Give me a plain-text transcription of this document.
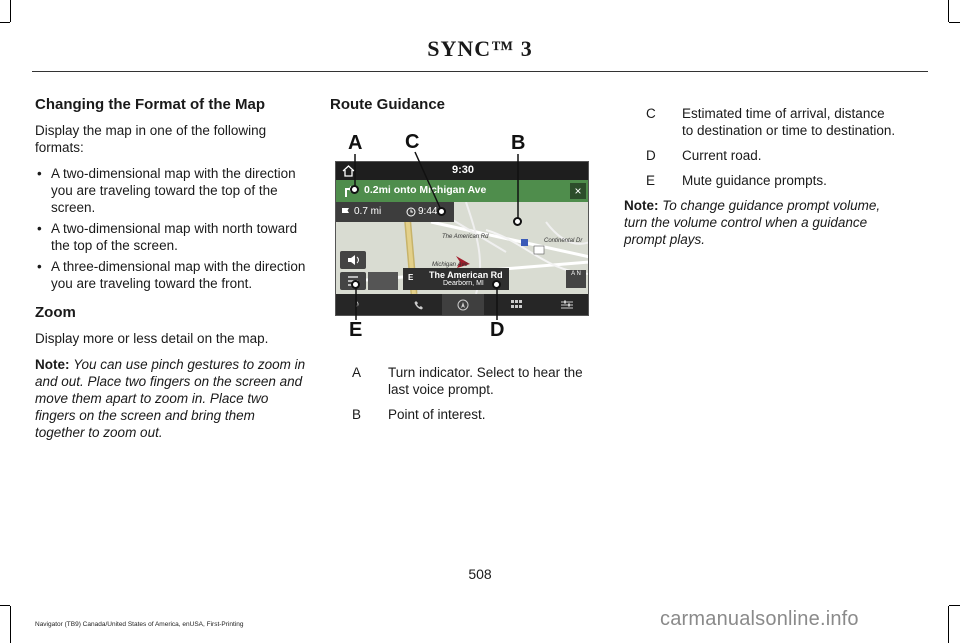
SYNC™ 3
Changing the Format of the Map

Display the map in one of the following formats:

• A two-dimensional map with the direction you are traveling toward the top of the screen.
• A two-dimensional map with north toward the top of the screen.
• A three-dimensional map with the direction you are traveling toward the front.
Zoom

Display more or less detail on the map.

Note: You can use pinch gestures to zoom in and out. Place two fingers on the screen and move them apart to zoom in. Place two fingers on the screen and bring them together to zoom out.

Route Guidance
A C	B
9:30
0.2mi onto Michigan Ave	×
The American Rd
Michigan Ave
Continental Dr
0.7 mi	9:44
E The American Rd
Dearborn, MI
A N
♪
E	D
A	Turn indicator. Select to hear the last voice prompt.
B	Point of interest.
C	Estimated time of arrival, distance to destination or time to destination.
D	Current road.
E	Mute guidance prompts.

Note: To change guidance prompt volume, turn the volume control when a guidance prompt plays.

508
Navigator (TB9) Canada/United States of America, enUSA, First-Printing	carmanualsonline.info
